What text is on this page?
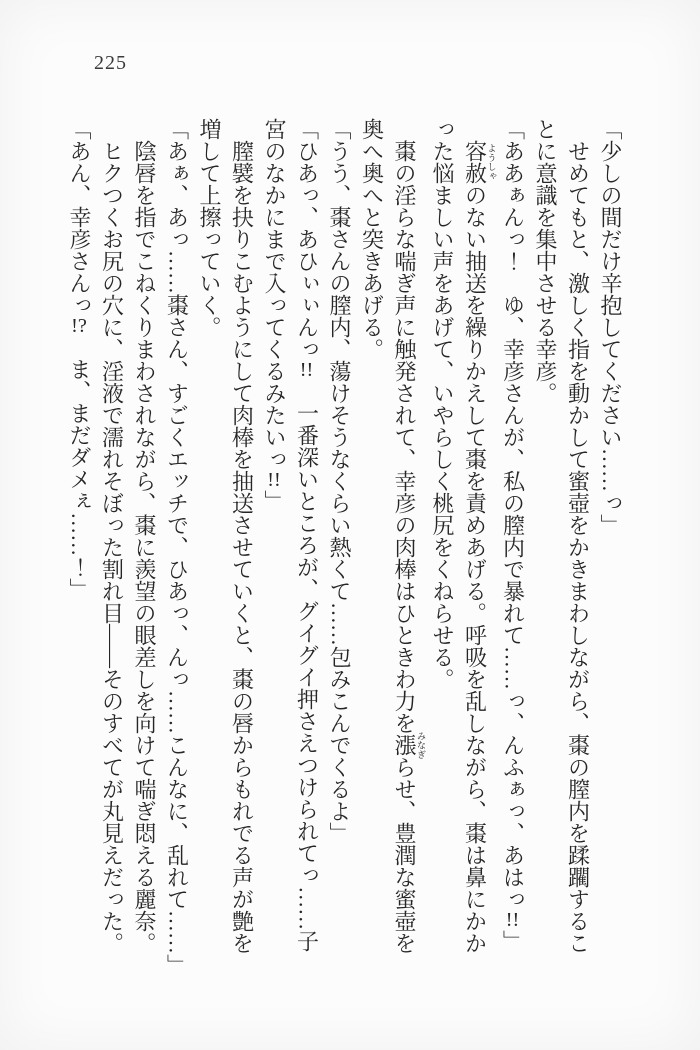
225
「少しの間だけ辛抱してください……っ」
せめてもと、激しく指を動かして蜜壺をかきまわしながら、棗の膣内を蹂躙するこ
とに意識を集中させる幸彦。
「ああぁんっ！　ゆ、幸彦さんが、私の膣内で暴れて……っ、んふぁっ、あはっ!!」
容赦ようしゃのない抽送を繰りかえして棗を責めあげる。呼吸を乱しながら、棗は鼻にかか
った悩ましい声をあげて、いやらしく桃尻をくねらせる。
棗の淫らな喘ぎ声に触発されて、幸彦の肉棒はひときわ力を漲みなぎらせ、豊潤な蜜壺を
奥へ奥へと突きあげる。
「うう、棗さんの膣内、蕩けそうなくらい熱くて……包みこんでくるよ」
「ひあっ、あひぃぃんっ!!　一番深いところが、グイグイ押さえつけられてっ……子
宮のなかにまで入ってくるみたいっ!!」
膣襞を抉りこむようにして肉棒を抽送させていくと、棗の唇からもれでる声が艶を
増して上擦っていく。
「あぁ、あっ……棗さん、すごくエッチで、ひあっ、んっ……こんなに、乱れて……」
陰唇を指でこねくりまわされながら、棗に羨望の眼差しを向けて喘ぎ悶える麗奈。
ヒクつくお尻の穴に、淫液で濡れそぼった割れ目――そのすべてが丸見えだった。
「あん、幸彦さんっ!?　ま、まだダメぇ……！」
